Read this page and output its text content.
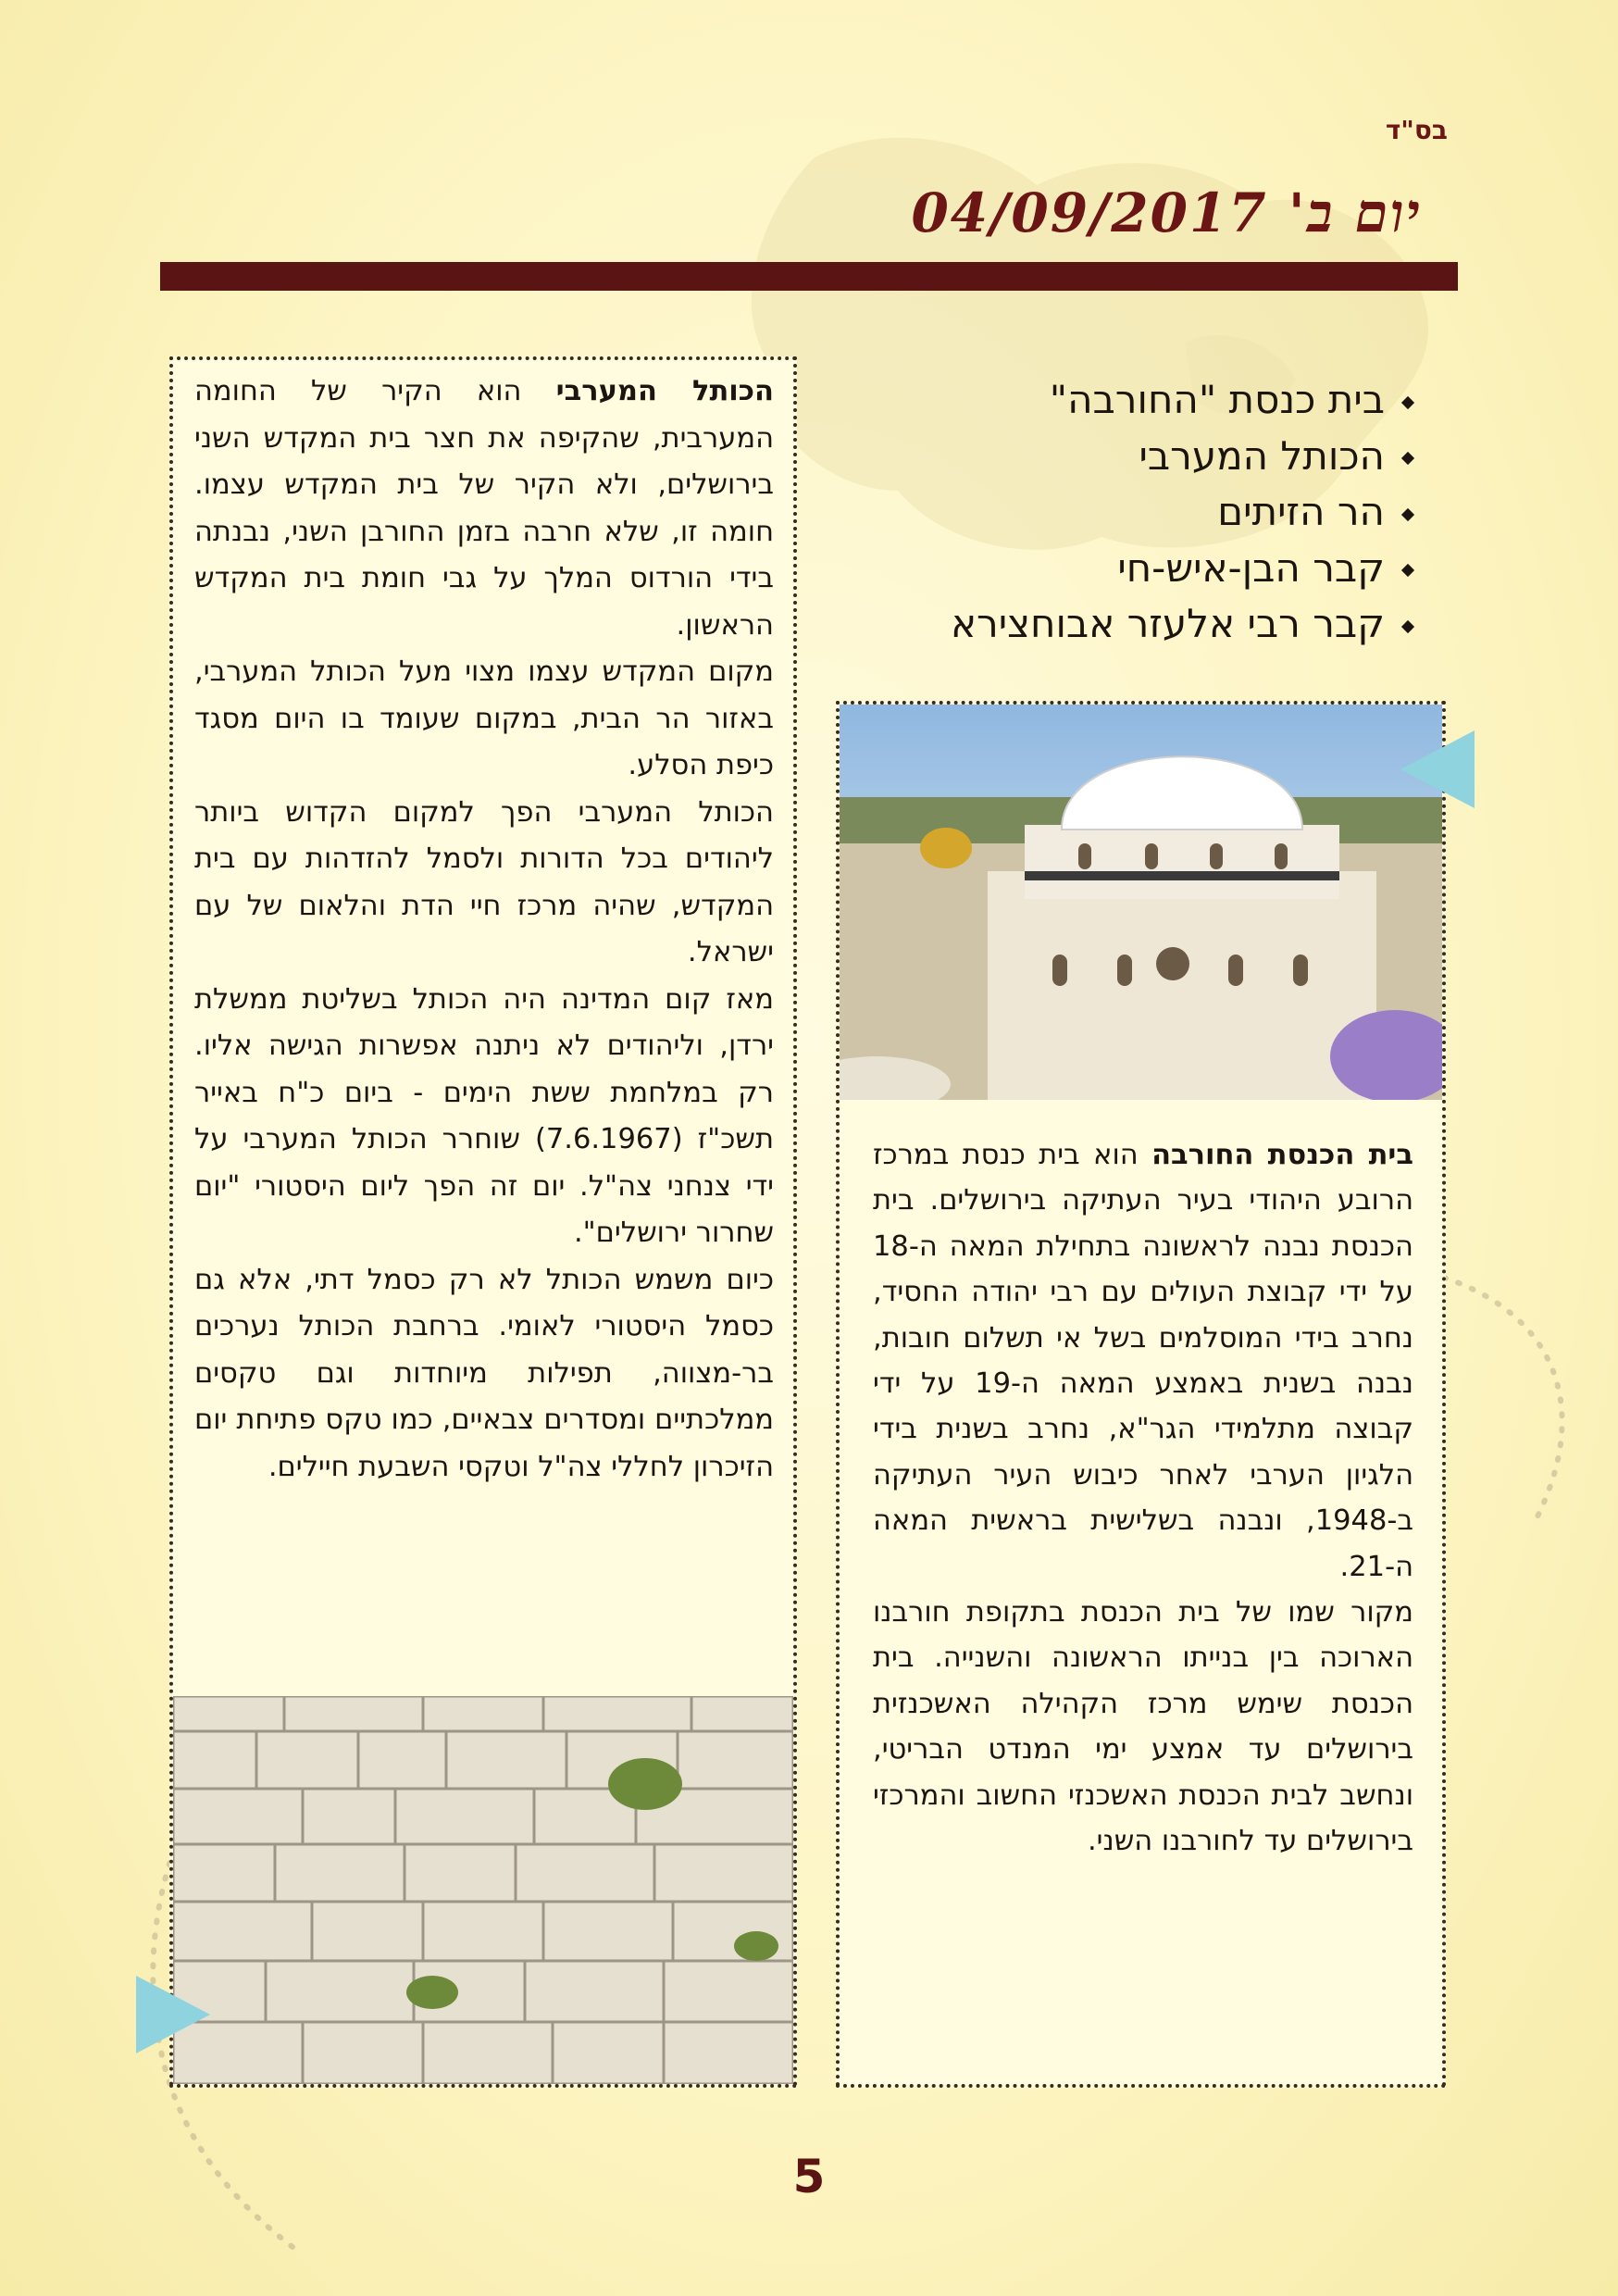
בס"ד
יום ב' 04/09/2017
בית כנסת "החורבה"
הכותל המערבי
הר הזיתים
קבר הבן-איש-חי
קבר רבי אלעזר אבוחצירא

הכותל המערבי הוא הקיר של החומה המערבית, שהקיפה את חצר בית המקדש השני בירושלים, ולא הקיר של בית המקדש עצמו. חומה זו, שלא חרבה בזמן החורבן השני, נבנתה בידי הורדוס המלך על גבי חומת בית המקדש הראשון.

מקום המקדש עצמו מצוי מעל הכותל המערבי, באזור הר הבית, במקום שעומד בו היום מסגד כיפת הסלע.

הכותל המערבי הפך למקום הקדוש ביותר ליהודים בכל הדורות ולסמל להזדהות עם בית המקדש, שהיה מרכז חיי הדת והלאום של עם ישראל.

מאז קום המדינה היה הכותל בשליטת ממשלת ירדן, וליהודים לא ניתנה אפשרות הגישה אליו. רק במלחמת ששת הימים - ביום כ"ח באייר תשכ"ז (7.6.1967) שוחרר הכותל המערבי על ידי צנחני צה"ל. יום זה הפך ליום היסטורי "יום שחרור ירושלים".

כיום משמש הכותל לא רק כסמל דתי, אלא גם כסמל היסטורי לאומי. ברחבת הכותל נערכים בר-מצווה, תפילות מיוחדות וגם טקסים ממלכתיים ומסדרים צבאיים, כמו טקס פתיחת יום הזיכרון לחללי צה"ל וטקסי השבעת חיילים.

בית הכנסת החורבה הוא בית כנסת במרכז הרובע היהודי בעיר העתיקה בירושלים. בית הכנסת נבנה לראשונה בתחילת המאה ה-18 על ידי קבוצת העולים עם רבי יהודה החסיד, נחרב בידי המוסלמים בשל אי תשלום חובות, נבנה בשנית באמצע המאה ה-19 על ידי קבוצה מתלמידי הגר"א, נחרב בשנית בידי הלגיון הערבי לאחר כיבוש העיר העתיקה ב-1948, ונבנה בשלישית בראשית המאה ה-21.

מקור שמו של בית הכנסת בתקופת חורבנו הארוכה בין בנייתו הראשונה והשנייה. בית הכנסת שימש מרכז הקהילה האשכנזית בירושלים עד אמצע ימי המנדט הבריטי, ונחשב לבית הכנסת האשכנזי החשוב והמרכזי בירושלים עד לחורבנו השני.

5
